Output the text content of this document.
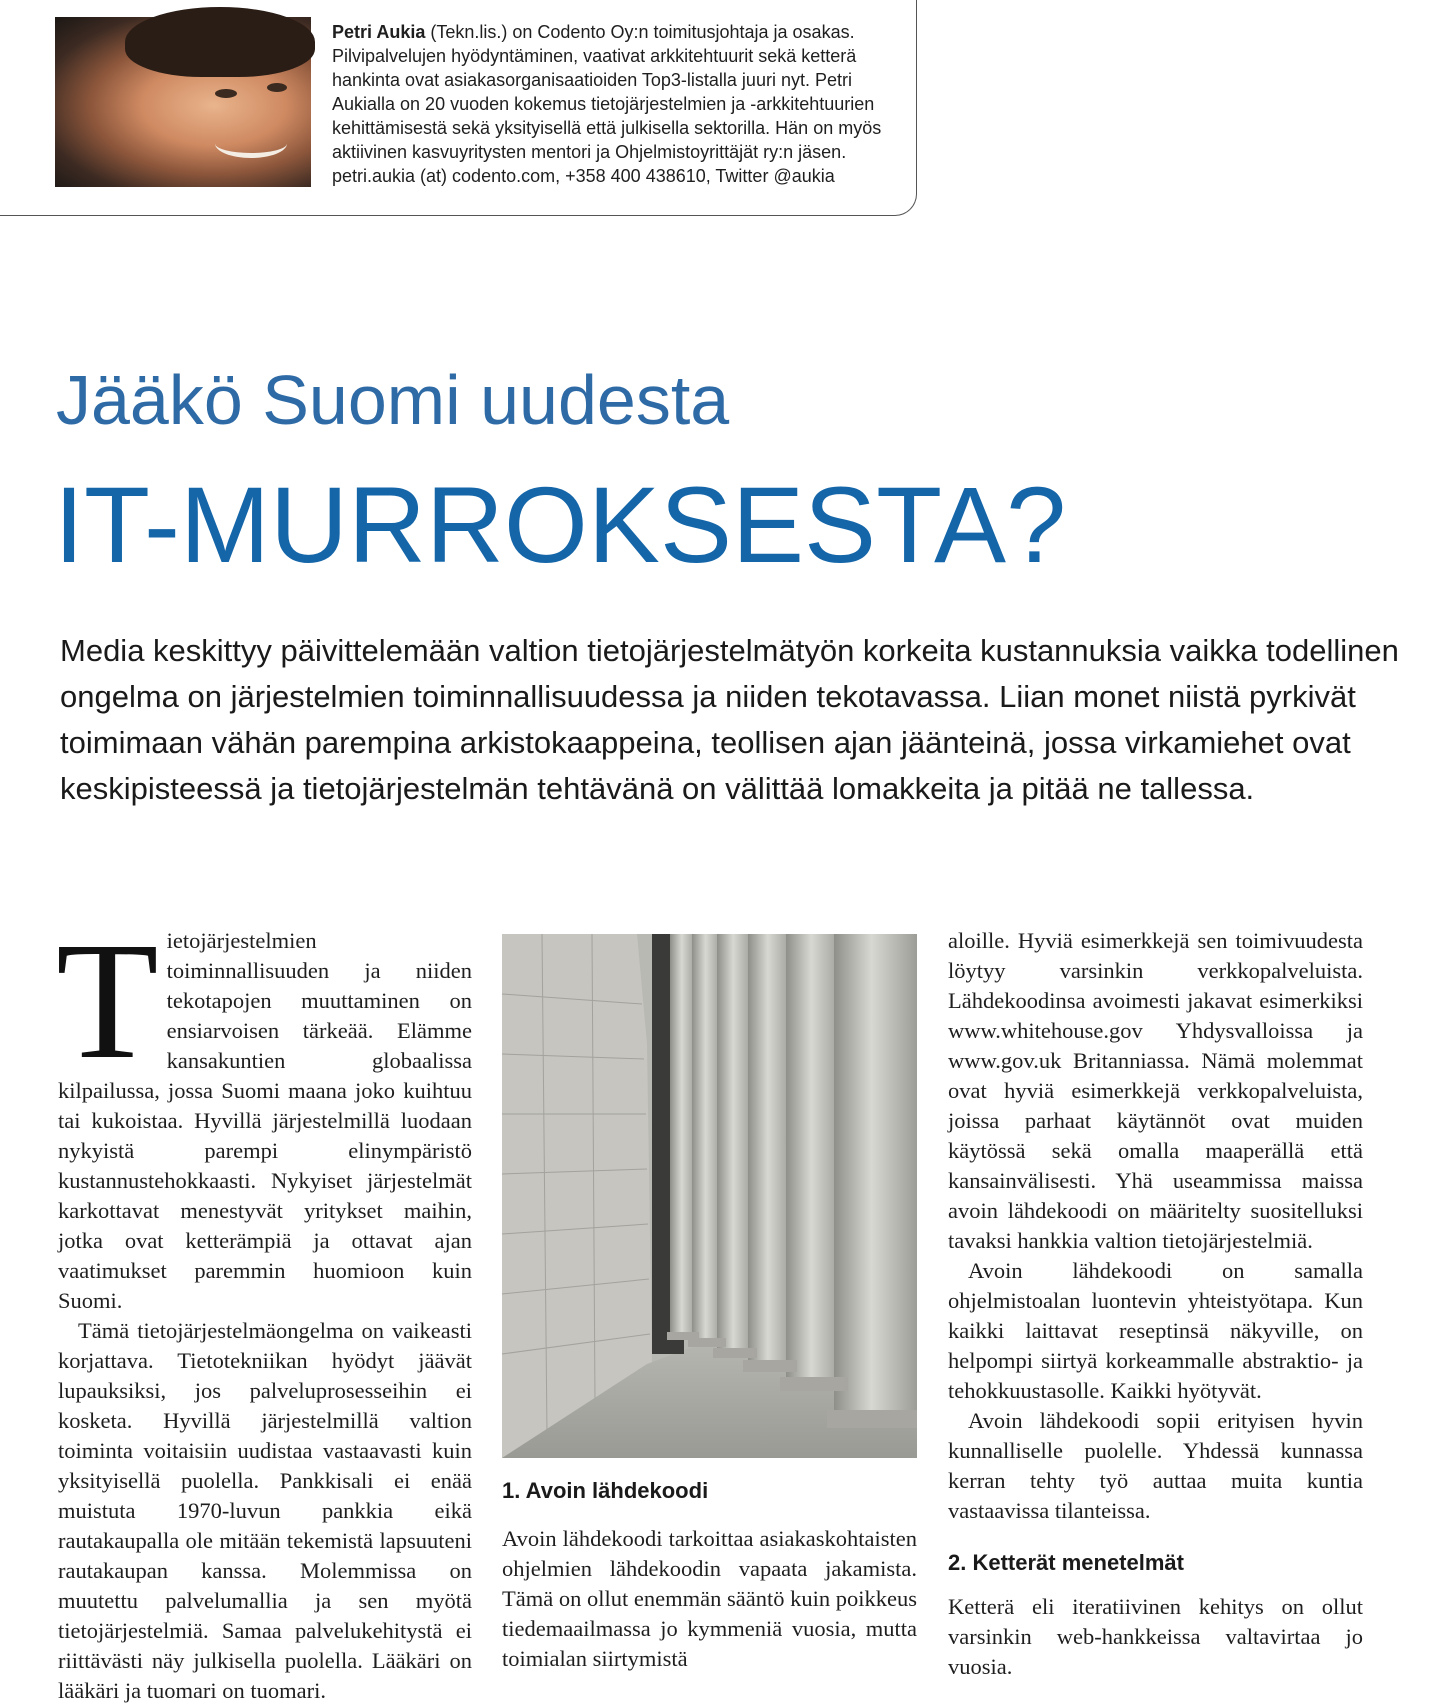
Petri Aukia (Tekn.lis.) on Codento Oy:n toimitusjohtaja ja osakas. Pilvipalvelujen hyödyntäminen, vaativat arkkitehtuurit sekä ketterä hankinta ovat asiakasorganisaatioiden Top3-listalla juuri nyt. Petri Aukialla on 20 vuoden kokemus tietojärjestelmien ja -arkkitehtuurien kehittämisestä sekä yksityisellä että julkisella sektorilla. Hän on myös aktiivinen kasvuyritysten mentori ja Ohjelmistoyrittäjät ry:n jäsen.

petri.aukia (at) codento.com, +358 400 438610, Twitter @aukia

Jääkö Suomi uudesta
IT-MURROKSESTA?

Media keskittyy päivittelemään valtion tietojärjestelmätyön korkeita kustannuksia vaikka todellinen ongelma on järjestelmien toiminnallisuudessa ja niiden tekotavassa. Liian monet niistä pyrkivät toimimaan vähän parempina arkistokaappeina, teollisen ajan jäänteinä, jossa virkamiehet ovat keskipisteessä ja tietojärjestelmän tehtävänä on välittää lomakkeita ja pitää ne tallessa.

T ietojärjestelmien toiminnallisuuden ja niiden tekotapojen muuttaminen on ensiarvoisen tärkeää. Elämme kansakuntien globaalissa kilpailussa, jossa Suomi maana joko kuihtuu tai kukoistaa. Hyvillä järjestelmillä luodaan nykyistä parempi elinympäristö kustannustehokkaasti. Nykyiset järjestelmät karkottavat menestyvät yritykset maihin, jotka ovat ketterämpiä ja ottavat ajan vaatimukset paremmin huomioon kuin Suomi.

Tämä tietojärjestelmäongelma on vaikeasti korjattava. Tietotekniikan hyödyt jäävät lupauksiksi, jos palveluprosesseihin ei kosketa. Hyvillä järjestelmillä valtion toiminta voitaisiin uudistaa vastaavasti kuin yksityisellä puolella. Pankkisali ei enää muistuta 1970-luvun pankkia eikä rautakaupalla ole mitään tekemistä lapsuuteni rautakaupan kanssa. Molemmissa on muutettu palvelumallia ja sen myötä tietojärjestelmiä. Samaa palvelukehitystä ei riittävästi näy julkisella puolella. Lääkäri on lääkäri ja tuomari on tuomari.

1. Avoin lähdekoodi

Avoin lähdekoodi tarkoittaa asiakaskohtaisten ohjelmien lähdekoodin vapaata jakamista. Tämä on ollut enemmän sääntö kuin poikkeus tiedemaailmassa jo kymmeniä vuosia, mutta toimialan siirtymistä

aloille. Hyviä esimerkkejä sen toimivuudesta löytyy varsinkin verkkopalveluista. Lähdekoodinsa avoimesti jakavat esimerkiksi www.whitehouse.gov Yhdysvalloissa ja www.gov.uk Britanniassa. Nämä molemmat ovat hyviä esimerkkejä verkkopalveluista, joissa parhaat käytännöt ovat muiden käytössä sekä omalla maaperällä että kansainvälisesti. Yhä useammissa maissa avoin lähdekoodi on määritelty suositelluksi tavaksi hankkia valtion tietojärjestelmiä.

Avoin lähdekoodi on samalla ohjelmistoalan luontevin yhteistyötapa. Kun kaikki laittavat reseptinsä näkyville, on helpompi siirtyä korkeammalle abstraktio- ja tehokkuustasolle. Kaikki hyötyvät.

Avoin lähdekoodi sopii erityisen hyvin kunnalliselle puolelle. Yhdessä kunnassa kerran tehty työ auttaa muita kuntia vastaavissa tilanteissa.

2. Ketterät menetelmät

Ketterä eli iteratiivinen kehitys on ollut varsinkin web-hankkeissa valtavirtaa jo vuosia.
